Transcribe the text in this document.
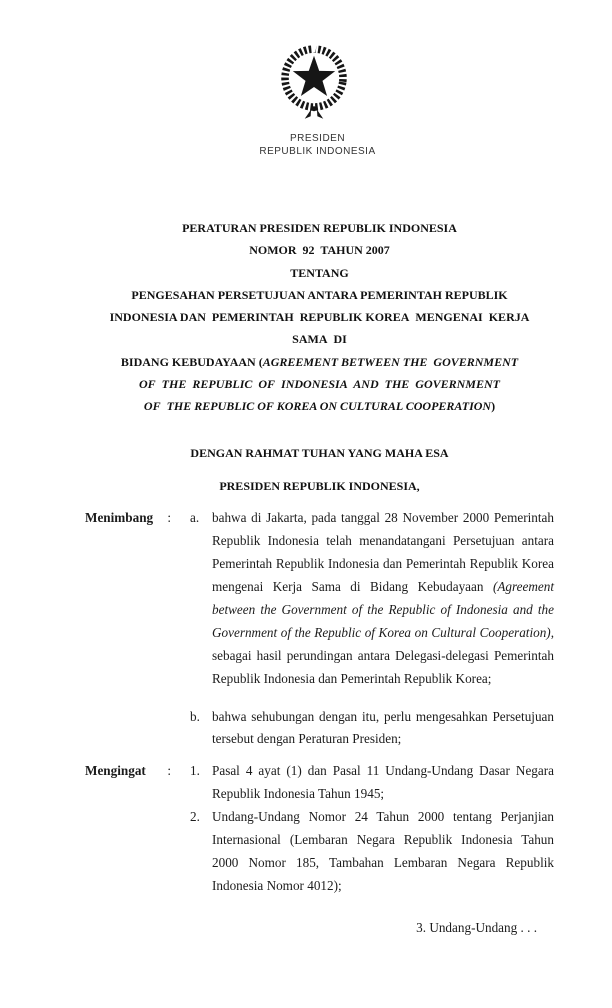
PRESIDEN
REPUBLIK INDONESIA
PERATURAN PRESIDEN REPUBLIK INDONESIA
NOMOR  92  TAHUN 2007
TENTANG
PENGESAHAN PERSETUJUAN ANTARA PEMERINTAH REPUBLIK
INDONESIA DAN  PEMERINTAH  REPUBLIK KOREA  MENGENAI  KERJA
SAMA  DI
BIDANG KEBUDAYAAN (AGREEMENT BETWEEN THE  GOVERNMENT
OF  THE  REPUBLIC  OF  INDONESIA  AND  THE  GOVERNMENT
OF  THE REPUBLIC OF KOREA ON CULTURAL COOPERATION)
DENGAN RAHMAT TUHAN YANG MAHA ESA
PRESIDEN REPUBLIK INDONESIA,
Menimbang : a. bahwa di Jakarta, pada tanggal 28 November 2000 Pemerintah Republik Indonesia telah menandatangani Persetujuan antara Pemerintah Republik Indonesia dan Pemerintah Republik Korea mengenai Kerja Sama di Bidang Kebudayaan (Agreement between the Government of the Republic of Indonesia and the Government of the Republic of Korea on Cultural Cooperation), sebagai hasil perundingan antara Delegasi-delegasi Pemerintah Republik Indonesia dan Pemerintah Republik Korea;
b. bahwa sehubungan dengan itu, perlu mengesahkan Persetujuan tersebut dengan Peraturan Presiden;
Mengingat : 1. Pasal 4 ayat (1) dan Pasal 11 Undang-Undang Dasar Negara Republik Indonesia Tahun 1945;
2. Undang-Undang Nomor 24 Tahun 2000 tentang Perjanjian Internasional (Lembaran Negara Republik Indonesia Tahun 2000 Nomor 185, Tambahan Lembaran Negara Republik Indonesia Nomor 4012);
3. Undang-Undang . . .
